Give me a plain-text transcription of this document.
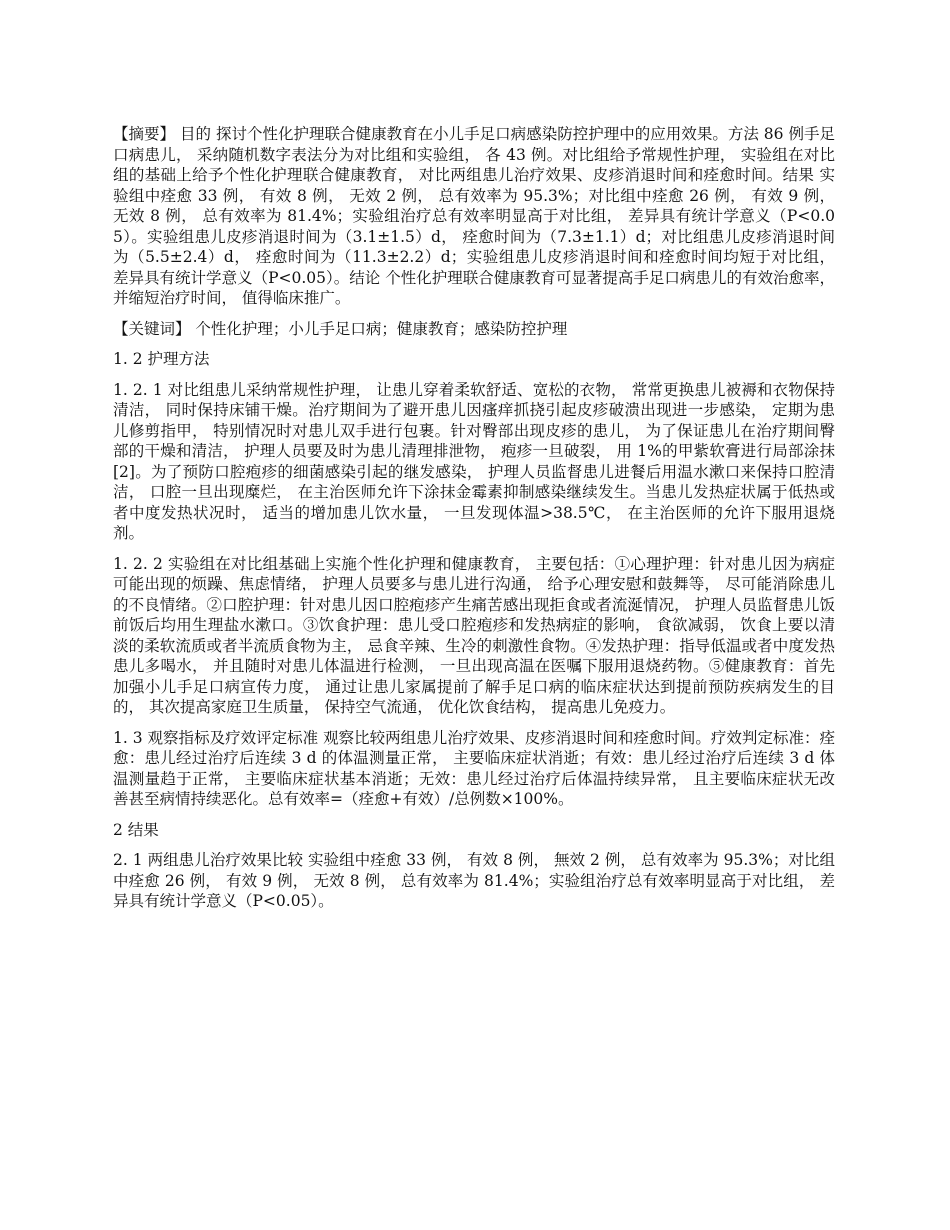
【摘要】 目的 探讨个性化护理联合健康教育在小儿手足口病感染防控护理中的应用效果。方法 86 例手足口病患儿， 采纳随机数字表法分为对比组和实验组， 各 43 例。对比组给予常规性护理， 实验组在对比组的基础上给予个性化护理联合健康教育， 对比两组患儿治疗效果、皮疹消退时间和痊愈时间。结果 实验组中痊愈 33 例， 有效 8 例， 无效 2 例， 总有效率为 95.3%；对比组中痊愈 26 例， 有效 9 例， 无效 8 例， 总有效率为 81.4%；实验组治疗总有效率明显高于对比组， 差异具有统计学意义（P<0.05）。实验组患儿皮疹消退时间为（3.1±1.5）d， 痊愈时间为（7.3±1.1）d；对比组患儿皮疹消退时间为（5.5±2.4）d， 痊愈时间为（11.3±2.2）d；实验组患儿皮疹消退时间和痊愈时间均短于对比组， 差异具有统计学意义（P<0.05）。结论 个性化护理联合健康教育可显著提高手足口病患儿的有效治愈率， 并缩短治疗时间， 值得临床推广。

【关键词】 个性化护理；小儿手足口病；健康教育；感染防控护理

1. 2 护理方法

1. 2. 1 对比组患儿采纳常规性护理， 让患儿穿着柔软舒适、宽松的衣物， 常常更换患儿被褥和衣物保持清洁， 同时保持床铺干燥。治疗期间为了避开患儿因瘙痒抓挠引起皮疹破溃出现进一步感染， 定期为患儿修剪指甲， 特别情况时对患儿双手进行包裹。针对臀部出现皮疹的患儿， 为了保证患儿在治疗期间臀部的干燥和清洁， 护理人员要及时为患儿清理排泄物， 疱疹一旦破裂， 用 1%的甲紫软膏进行局部涂抹[2]。为了预防口腔疱疹的细菌感染引起的继发感染， 护理人员监督患儿进餐后用温水漱口来保持口腔清洁， 口腔一旦出现糜烂， 在主治医师允许下涂抹金霉素抑制感染继续发生。当患儿发热症状属于低热或者中度发热状况时， 适当的增加患儿饮水量， 一旦发现体温>38.5℃， 在主治医师的允许下服用退烧剂。

1. 2. 2 实验组在对比组基础上实施个性化护理和健康教育， 主要包括：①心理护理：针对患儿因为病症可能出现的烦躁、焦虑情绪， 护理人员要多与患儿进行沟通， 给予心理安慰和鼓舞等， 尽可能消除患儿的不良情绪。②口腔护理：针对患儿因口腔疱疹产生痛苦感出现拒食或者流涎情况， 护理人员监督患儿饭前饭后均用生理盐水漱口。③饮食护理：患儿受口腔疱疹和发热病症的影响， 食欲减弱， 饮食上要以清淡的柔软流质或者半流质食物为主， 忌食辛辣、生冷的刺激性食物。④发热护理：指导低温或者中度发热患儿多喝水， 并且随时对患儿体温进行检测， 一旦出现高温在医嘱下服用退烧药物。⑤健康教育：首先加强小儿手足口病宣传力度， 通过让患儿家属提前了解手足口病的临床症状达到提前预防疾病发生的目的， 其次提高家庭卫生质量， 保持空气流通， 优化饮食结构， 提高患儿免疫力。

1. 3 观察指标及疗效评定标准 观察比较两组患儿治疗效果、皮疹消退时间和痊愈时间。疗效判定标准：痊愈：患儿经过治疗后连续 3 d 的体温测量正常， 主要临床症状消逝；有效：患儿经过治疗后连续 3 d 体温测量趋于正常， 主要临床症状基本消逝；无效：患儿经过治疗后体温持续异常， 且主要临床症状无改善甚至病情持续恶化。总有效率=（痊愈+有效）/总例数×100%。

2 结果

2. 1 两组患儿治疗效果比较 实验组中痊愈 33 例， 有效 8 例， 無效 2 例， 总有效率为 95.3%；对比组中痊愈 26 例， 有效 9 例， 无效 8 例， 总有效率为 81.4%；实验组治疗总有效率明显高于对比组， 差异具有统计学意义（P<0.05）。
